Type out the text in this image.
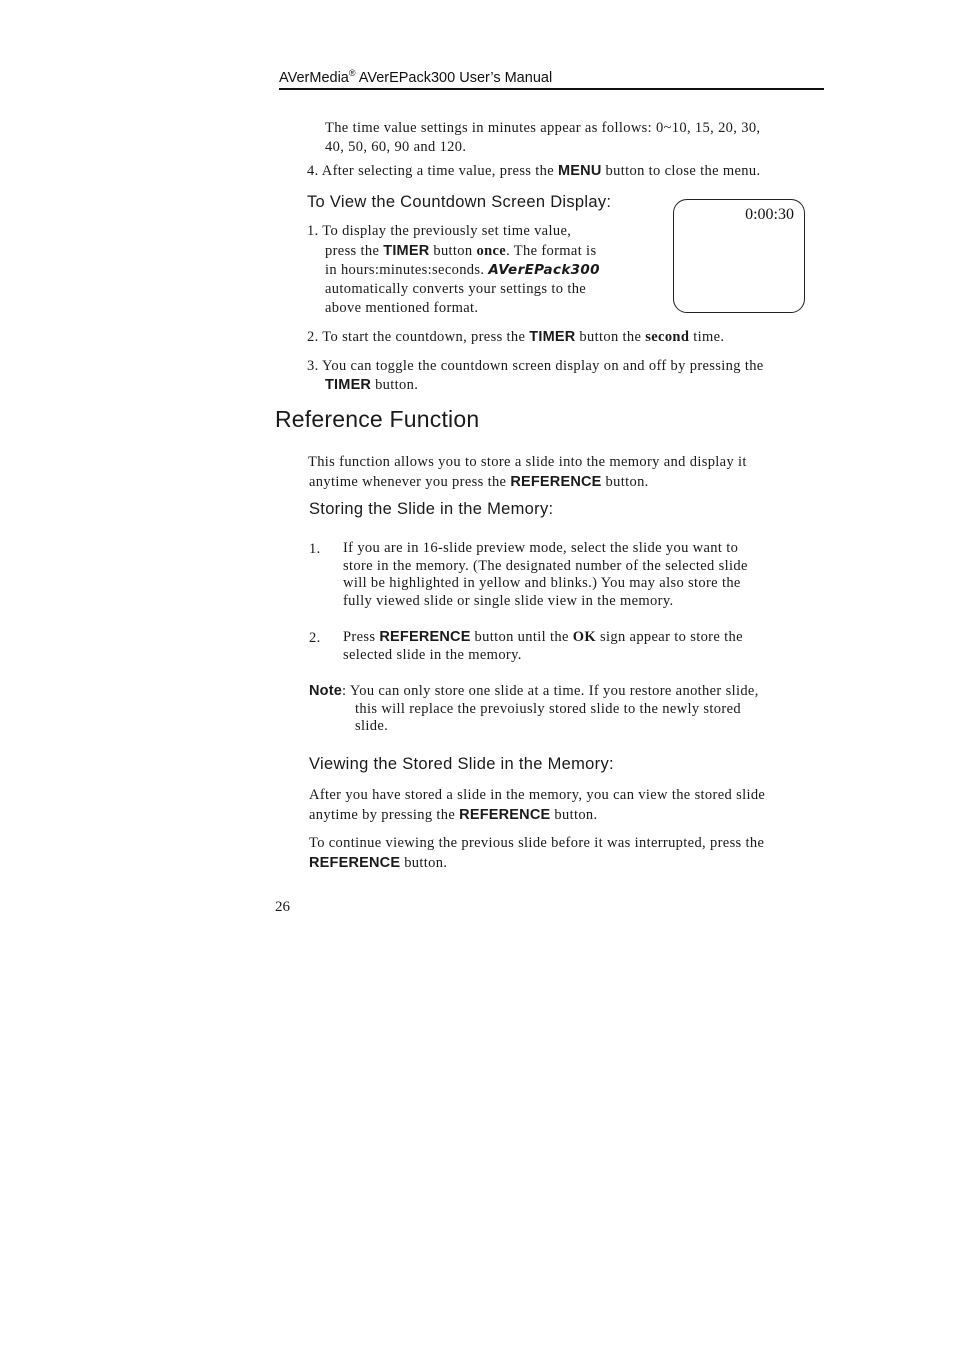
AVerMedia® AVerEPack300 User’s Manual
The time value settings in minutes appear as follows: 0~10, 15, 20, 30,
40, 50, 60, 90 and 120.
4. After selecting a time value, press the MENU button to close the menu.
To View the Countdown Screen Display:
0:00:30
1. To display the previously set time value,
press the TIMER button once. The format is
in hours:minutes:seconds. AVerEPack300
automatically converts your settings to the
above mentioned format.
2. To start the countdown, press the TIMER button the second time.
3. You can toggle the countdown screen display on and off by pressing the
TIMER button.
Reference Function
This function allows you to store a slide into the memory and display it
anytime whenever you press the REFERENCE button.
Storing the Slide in the Memory:
1. If you are in 16-slide preview mode, select the slide you want to
store in the memory. (The designated number of the selected slide
will be highlighted in yellow and blinks.) You may also store the
fully viewed slide or single slide view in the memory.
2. Press REFERENCE button until the OK sign appear to store the
selected slide in the memory.
Note: You can only store one slide at a time. If you restore another slide,
this will replace the prevoiusly stored slide to the newly stored
slide.
Viewing the Stored Slide in the Memory:
After you have stored a slide in the memory, you can view the stored slide
anytime by pressing the REFERENCE button.
To continue viewing the previous slide before it was interrupted, press the
REFERENCE button.
26
